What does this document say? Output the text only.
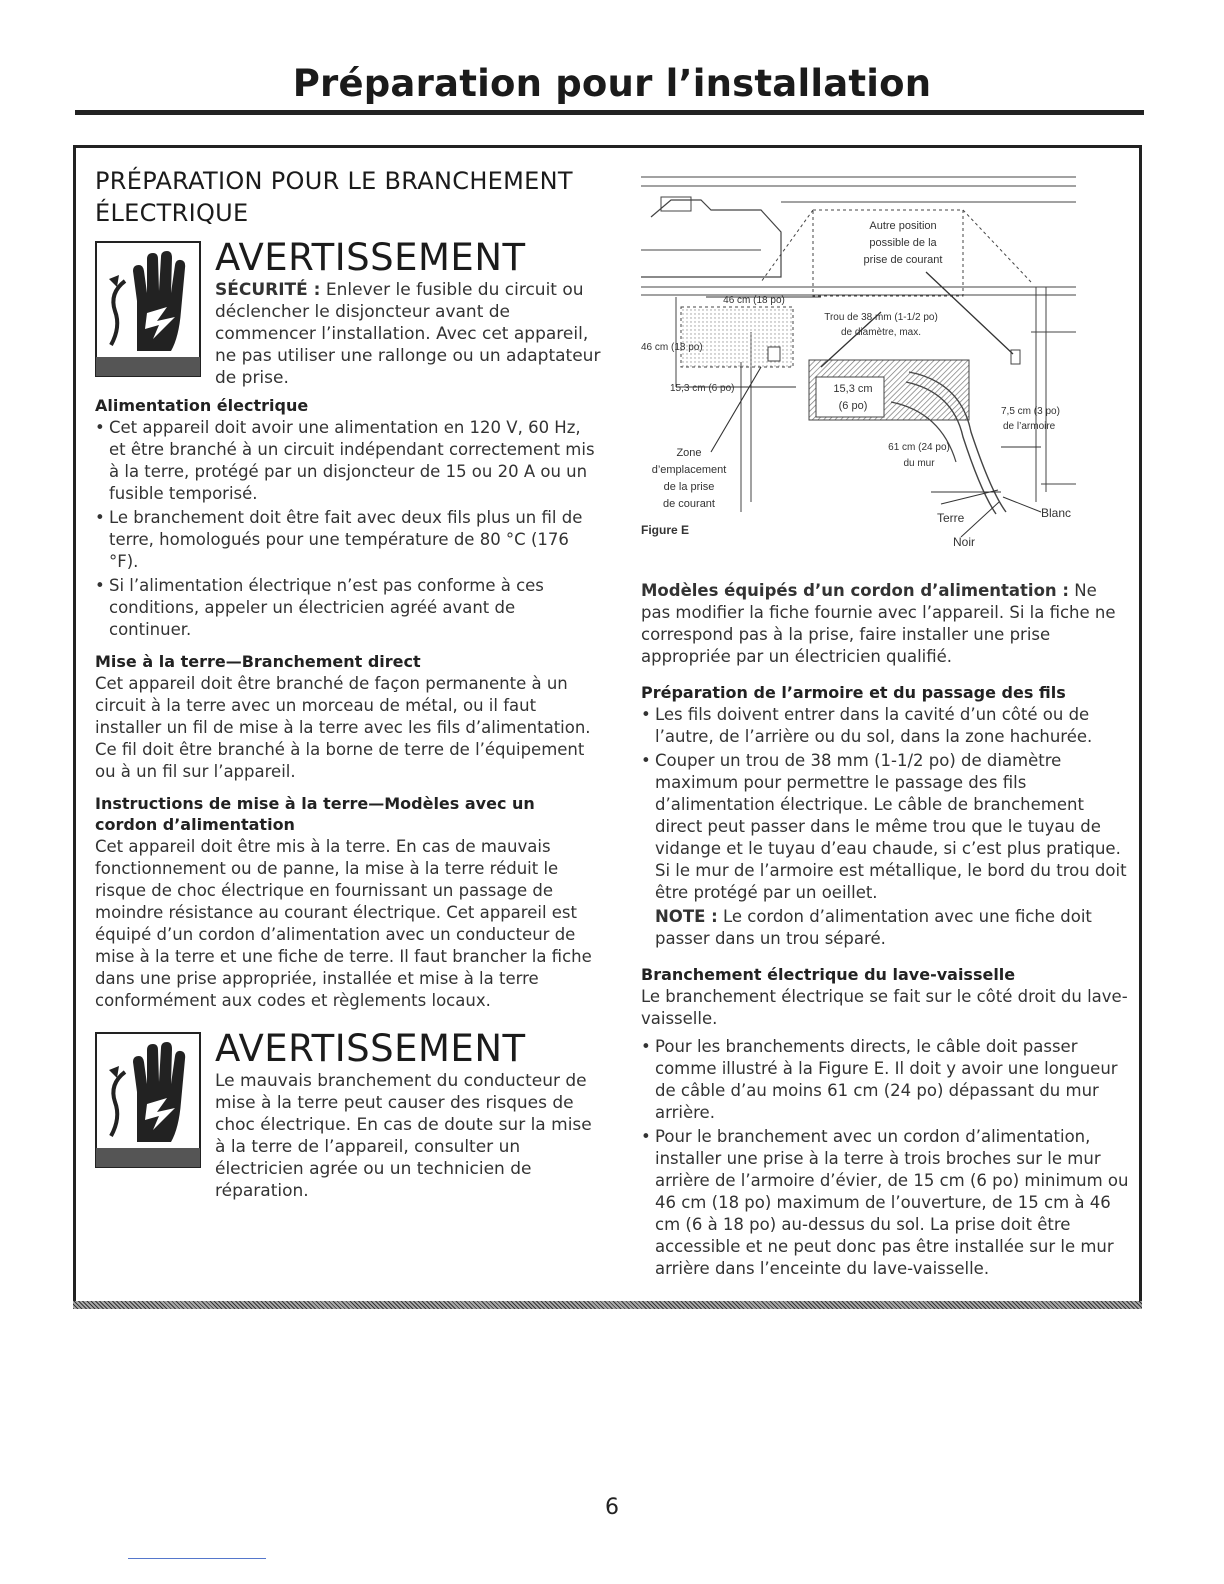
Préparation pour l’installation
PRÉPARATION POUR LE BRANCHEMENT
ÉLECTRIQUE
AVERTISSEMENT
SÉCURITÉ : Enlever le fusible du circuit ou déclencher le disjoncteur avant de commencer l’installation. Avec cet appareil, ne pas utiliser une rallonge ou un adaptateur de prise.
Alimentation électrique
• Cet appareil doit avoir une alimentation en 120 V, 60 Hz, et être branché à un circuit indépendant correctement mis à la terre, protégé par un disjoncteur de 15 ou 20 A ou un fusible temporisé.
• Le branchement doit être fait avec deux fils plus un fil de terre, homologués pour une température de 80 °C (176 °F).
• Si l’alimentation électrique n’est pas conforme à ces conditions, appeler un électricien agréé avant de continuer.
Mise à la terre—Branchement direct

Cet appareil doit être branché de façon permanente à un circuit à la terre avec un morceau de métal, ou il faut installer un fil de mise à la terre avec les fils d’alimentation. Ce fil doit être branché à la borne de terre de l’équipement ou à un fil sur l’appareil.

Instructions de mise à la terre—Modèles avec un cordon d’alimentation

Cet appareil doit être mis à la terre. En cas de mauvais fonctionnement ou de panne, la mise à la terre réduit le risque de choc électrique en fournissant un passage de moindre résistance au courant électrique. Cet appareil est équipé d’un cordon d’alimentation avec un conducteur de mise à la terre et une fiche de terre. Il faut brancher la fiche dans une prise appropriée, installée et mise à la terre conformément aux codes et règlements locaux.

AVERTISSEMENT
Le mauvais branchement du conducteur de mise à la terre peut causer des risques de choc électrique. En cas de doute sur la mise à la terre de l’appareil, consulter un électricien agrée ou un technicien de réparation.
Autre position
possible de la
prise de courant
Trou de 38 mm (1-1/2 po)
de diamètre, max.
46 cm (18 po)
46 cm (18 po)
15,3 cm (6 po)	15,3 cm
(6 po)	7,5 cm (3 po)
de l’armoire
61 cm (24 po)
du mur
Zone
d’emplacement
de la prise
de courant
Figure E
Terre	Blanc
Noir

Modèles équipés d’un cordon d’alimentation : Ne pas modifier la fiche fournie avec l’appareil. Si la fiche ne correspond pas à la prise, faire installer une prise appropriée par un électricien qualifié.

Préparation de l’armoire et du passage des fils
• Les fils doivent entrer dans la cavité d’un côté ou de l’autre, de l’arrière ou du sol, dans la zone hachurée.
• Couper un trou de 38 mm (1-1/2 po) de diamètre maximum pour permettre le passage des fils d’alimentation électrique. Le câble de branchement direct peut passer dans le même trou que le tuyau de vidange et le tuyau d’eau chaude, si c’est plus pratique. Si le mur de l’armoire est métallique, le bord du trou doit être protégé par un oeillet.
NOTE : Le cordon d’alimentation avec une fiche doit passer dans un trou séparé.
Branchement électrique du lave-vaisselle

Le branchement électrique se fait sur le côté droit du lave-vaisselle.

• Pour les branchements directs, le câble doit passer comme illustré à la Figure E. Il doit y avoir une longueur de câble d’au moins 61 cm (24 po) dépassant du mur arrière.
• Pour le branchement avec un cordon d’alimentation, installer une prise à la terre à trois broches sur le mur arrière de l’armoire d’évier, de 15 cm (6 po) minimum ou 46 cm (18 po) maximum de l’ouverture, de 15 cm à 46 cm (6 à 18 po) au-dessus du sol. La prise doit être accessible et ne peut donc pas être installée sur le mur arrière dans l’enceinte du lave-vaisselle.
6
